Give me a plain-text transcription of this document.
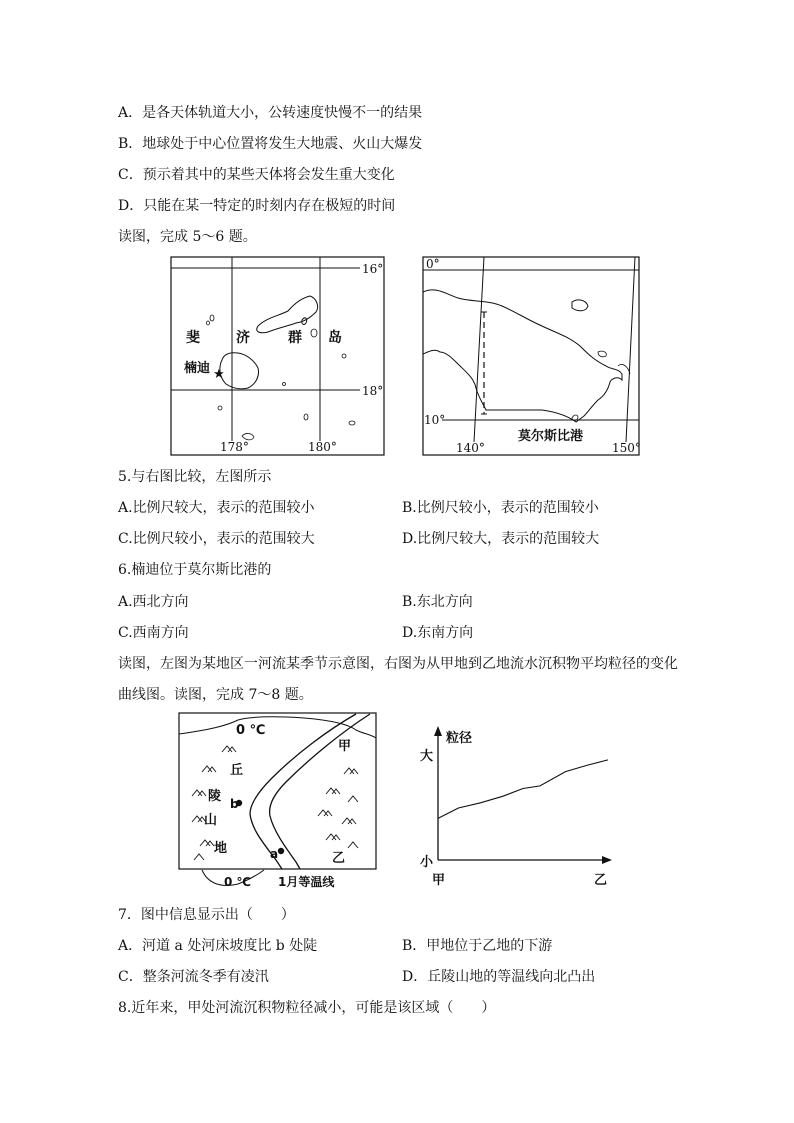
A．是各天体轨道大小，公转速度快慢不一的结果
B．地球处于中心位置将发生大地震、火山大爆发
C．预示着其中的某些天体将会发生重大变化
D．只能在某一特定的时刻内存在极短的时间
读图，完成 5～6 题。
16°
18°
178°	180°
斐	济	群 岛
楠迪 ★
0°
10°
140°	150°
莫尔斯比港
5.与右图比较，左图所示
A.比例尺较大，表示的范围较小	B.比例尺较小，表示的范围较小
C.比例尺较小，表示的范围较大	D.比例尺较大，表示的范围较大
6.楠迪位于莫尔斯比港的
A.西北方向	B.东北方向
C.西南方向	D.东南方向
读图，左图为某地区一河流某季节示意图，右图为从甲地到乙地流水沉积物平均粒径的变化
曲线图。读图，完成 7～8 题。
0 ℃
0 ℃ 1月等温线
甲
乙
丘
陵
山
地
b
a
粒径
大
小
甲	乙
7．图中信息显示出（　　）
A．河道 a 处河床坡度比 b 处陡	B．甲地位于乙地的下游
C．整条河流冬季有凌汛	D．丘陵山地的等温线向北凸出
8.近年来，甲处河流沉积物粒径减小，可能是该区域（　　）
